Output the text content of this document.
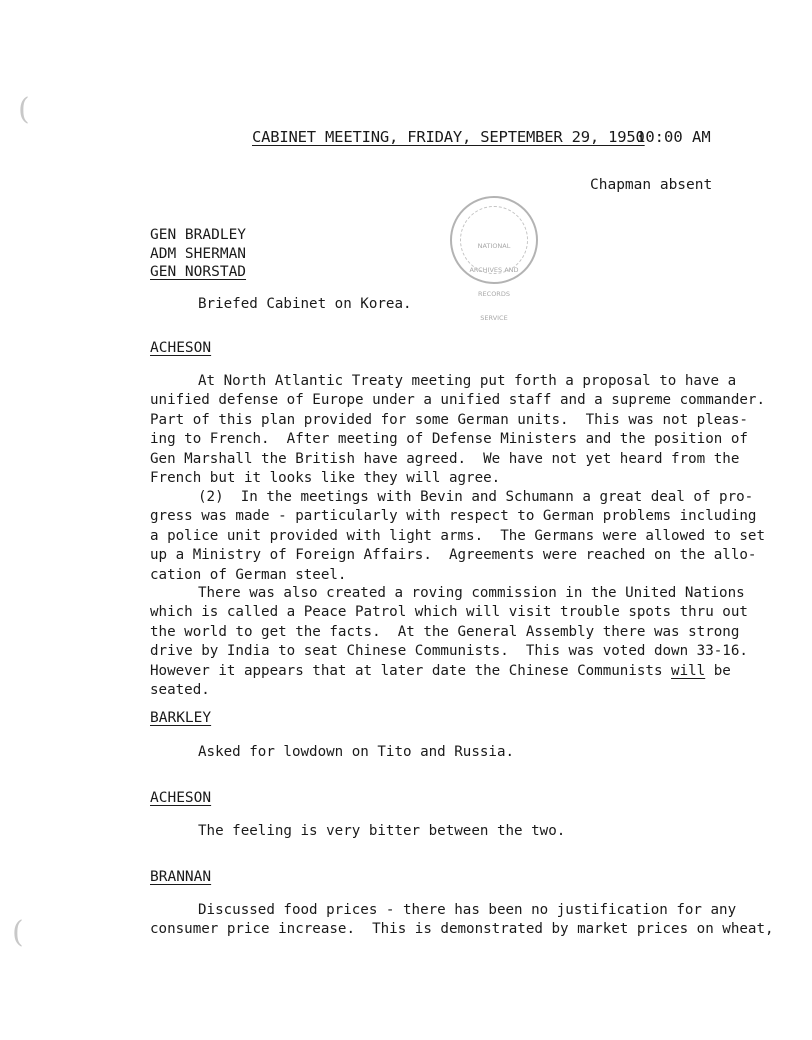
(
(
CABINET MEETING, FRIDAY, SEPTEMBER 29, 1950
10:00 AM
Chapman absent
GEN BRADLEY
ADM SHERMAN
GEN NORSTAD

NATIONAL

ARCHIVES AND

RECORDS

SERVICE

Briefed Cabinet on Korea.
ACHESON
At North Atlantic Treaty meeting put forth a proposal to have a
unified defense of Europe under a unified staff and a supreme commander.
Part of this plan provided for some German units.  This was not pleas-
ing to French.  After meeting of Defense Ministers and the position of
Gen Marshall the British have agreed.  We have not yet heard from the
French but it looks like they will agree.
(2)  In the meetings with Bevin and Schumann a great deal of pro-
gress was made - particularly with respect to German problems including
a police unit provided with light arms.  The Germans were allowed to set
up a Ministry of Foreign Affairs.  Agreements were reached on the allo-
cation of German steel.
There was also created a roving commission in the United Nations
which is called a Peace Patrol which will visit trouble spots thru out
the world to get the facts.  At the General Assembly there was strong
drive by India to seat Chinese Communists.  This was voted down 33-16.
However it appears that at later date the Chinese Communists will be
seated.
BARKLEY
Asked for lowdown on Tito and Russia.
ACHESON
The feeling is very bitter between the two.
BRANNAN
Discussed food prices - there has been no justification for any
consumer price increase.  This is demonstrated by market prices on wheat,
